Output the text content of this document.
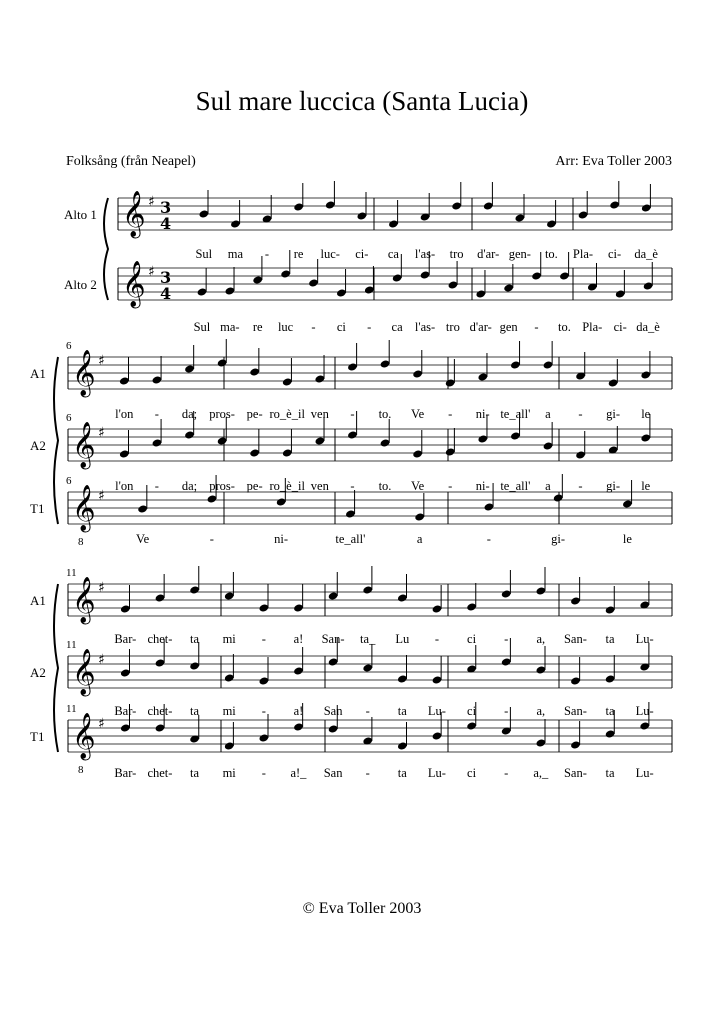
Sul mare luccica (Santa Lucia)
Folksång (från Neapel)	Arr: Eva Toller 2003
𝄞 ♯ 3
4
𝄞 ♯ 3
4
𝄞 ♯
𝄞 ♯
𝄞 ♯
𝄞 ♯
𝄞 ♯
𝄞 ♯
Alto 1
Sul ma - re luc- ci- ca l'as- tro d'ar- gen- to. Pla- ci- da_è
Alto 2
Sul ma- re luc - ci - ca l'as- tro d'ar- gen - to. Pla- ci- da_è
A1
6
l'on - da; pros- pe- ro_è_il ven - to. Ve - ni- te_all' a - gi- le
A2
6
l'on - da; pros- pe- ro_è_il ven - to. Ve - ni- te_all' a - gi- le
8
T1
6
Ve	-	ni-	te_all'	a	-	gi-	le
A1
11
Bar- chet- ta mi - a! San- ta_ Lu - ci - a, San- ta Lu-
A2
11
Bar- chet- ta mi - a! San - ta Lu- ci - a, San- ta Lu-
8
T1
11
Bar- chet- ta mi - a!_ San - ta Lu- ci - a,_ San- ta Lu-
© Eva Toller 2003
